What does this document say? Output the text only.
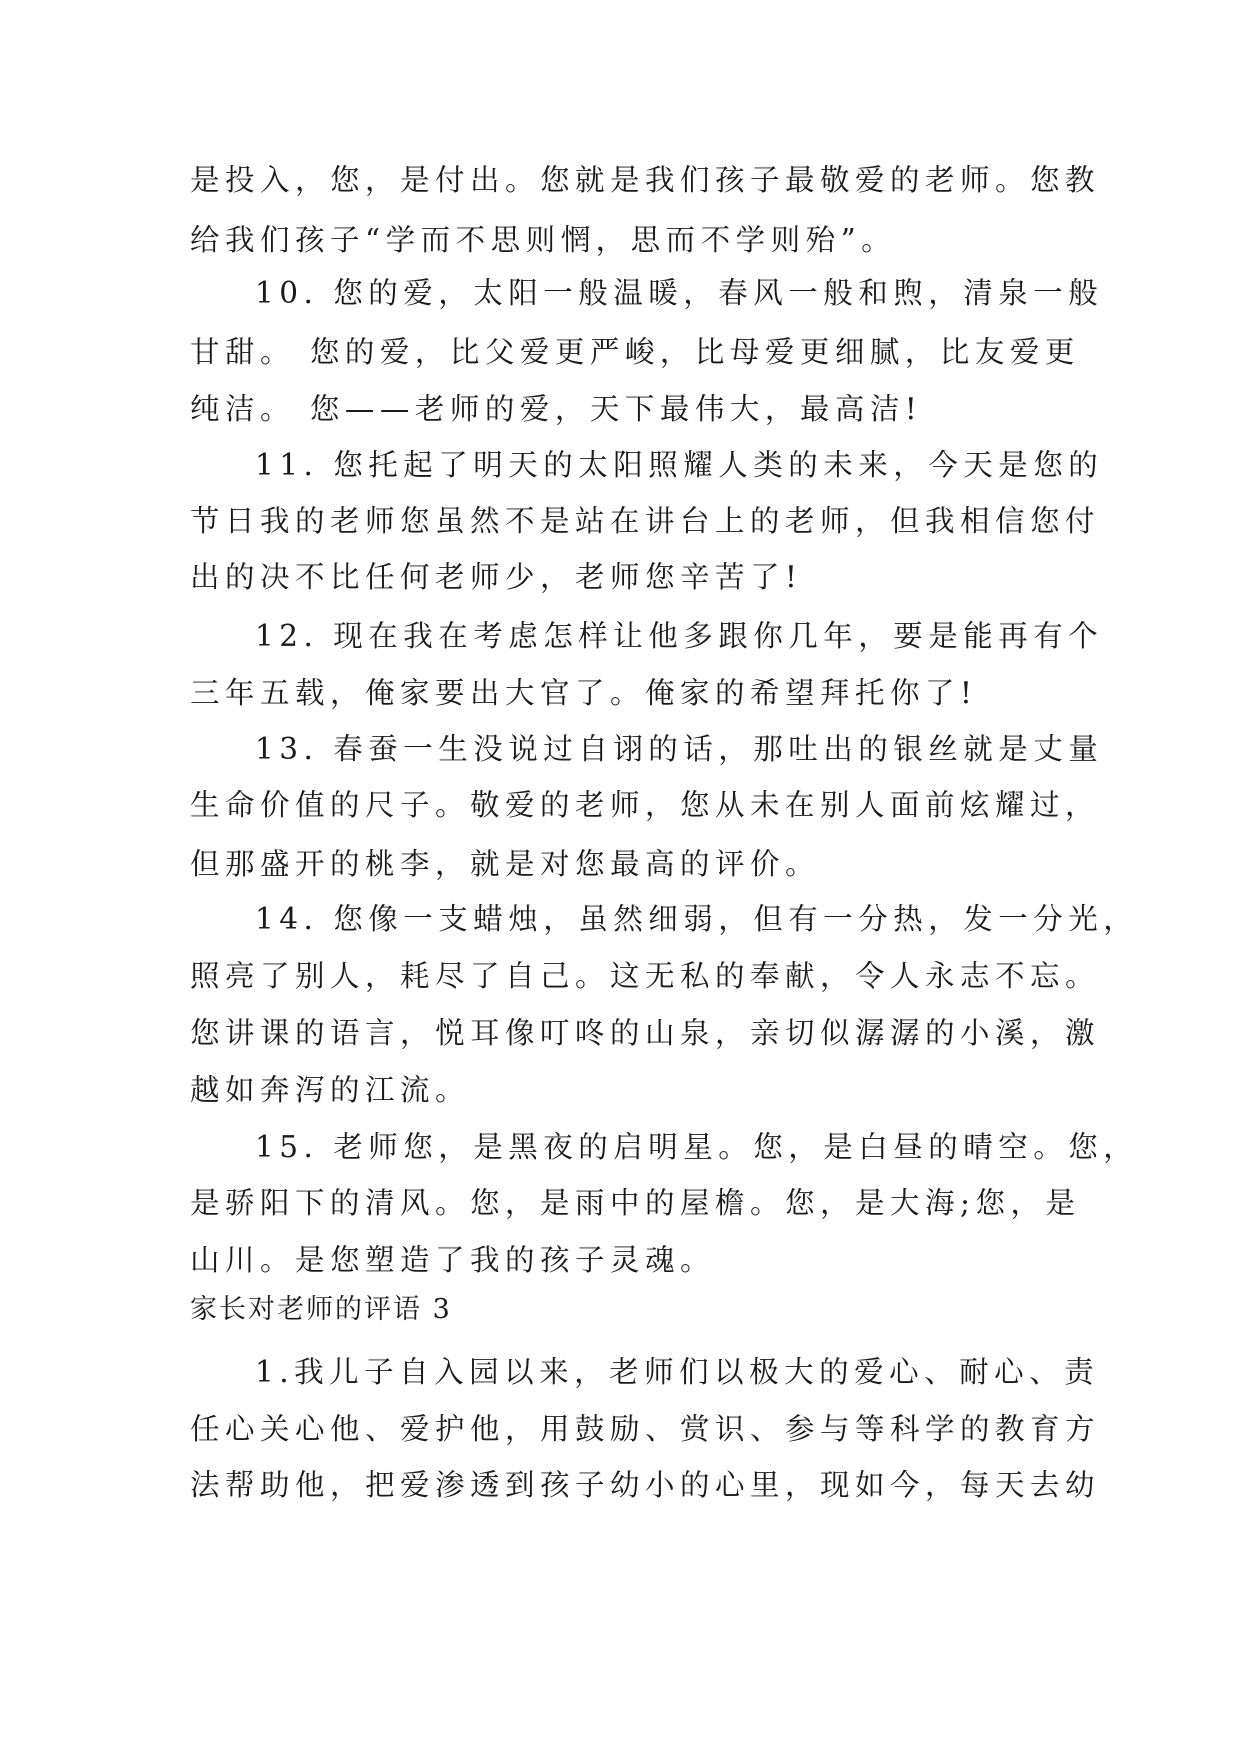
是投入，您，是付出。您就是我们孩子最敬爱的老师。您教
给我们孩子“学而不思则惘，思而不学则殆”。
10. 您的爱，太阳一般温暖，春风一般和煦，清泉一般
甘甜。 您的爱，比父爱更严峻，比母爱更细腻，比友爱更
纯洁。 您——老师的爱，天下最伟大，最高洁!
11. 您托起了明天的太阳照耀人类的未来，今天是您的
节日我的老师您虽然不是站在讲台上的老师，但我相信您付
出的决不比任何老师少，老师您辛苦了!
12. 现在我在考虑怎样让他多跟你几年，要是能再有个
三年五载，俺家要出大官了。俺家的希望拜托你了!
13. 春蚕一生没说过自诩的话，那吐出的银丝就是丈量
生命价值的尺子。敬爱的老师，您从未在别人面前炫耀过，
但那盛开的桃李，就是对您最高的评价。
14. 您像一支蜡烛，虽然细弱，但有一分热，发一分光，
照亮了别人，耗尽了自己。这无私的奉献，令人永志不忘。
您讲课的语言，悦耳像叮咚的山泉，亲切似潺潺的小溪，激
越如奔泻的江流。
15. 老师您，是黑夜的启明星。您，是白昼的晴空。您，
是骄阳下的清风。您，是雨中的屋檐。您，是大海;您，是
山川。是您塑造了我的孩子灵魂。
家长对老师的评语 3
1.我儿子自入园以来，老师们以极大的爱心、耐心、责
任心关心他、爱护他，用鼓励、赏识、参与等科学的教育方
法帮助他，把爱渗透到孩子幼小的心里，现如今，每天去幼
